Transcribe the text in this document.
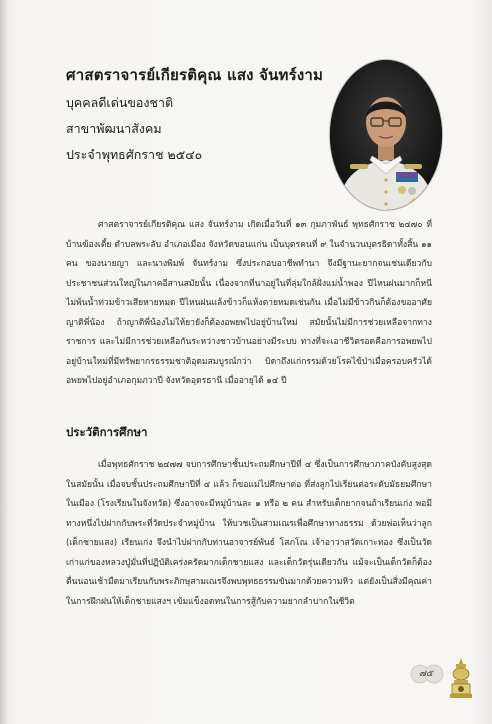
ศาสตราจารย์เกียรติคุณ แสง จันทร์งาม
บุคคลดีเด่นของชาติ
สาขาพัฒนาสังคม
ประจำพุทธศักราช ๒๕๔๐
ศาสตราจารย์เกียรติคุณ แสง จันทร์งาม เกิดเมื่อวันที่ ๑๓ กุมภาพันธ์ พุทธศักราช ๒๔๗๐ ที่บ้านฆ้องเตี้ย ตำบลพระลับ อำเภอเมือง จังหวัดขอนแก่น เป็นบุตรคนที่ ๙ ในจำนวนบุตรธิดาทั้งสิ้น ๑๑ คน ของนายญา และนางพิมพ์ จันทร์งาม ซึ่งประกอบอาชีพทำนา จึงมีฐานะยากจนเช่นเดียวกับประชาชนส่วนใหญ่ในภาคอีสานสมัยนั้น เนื่องจากที่นาอยู่ในที่ลุ่มใกล้ฝั่งแม่น้ำพอง ปีไหนฝนมากก็หนีไม่พ้นน้ำท่วมข้าวเสียหายหมด ปีไหนฝนแล้งข้าวก็แห้งตายหมดเช่นกัน เมื่อไม่มีข้าวกินก็ต้องขออาศัยญาติพี่น้อง ถ้าญาติพี่น้องไม่ให้ยายังก็ต้องอพยพไปอยู่บ้านใหม่ สมัยนั้นไม่มีการช่วยเหลือจากทางราชการ และไม่มีการช่วยเหลือกันระหว่างชาวบ้านอย่างมีระบบ ทางที่จะเอาชีวิตรอดคือการอพยพไปอยู่บ้านใหม่ที่มีทรัพยากรธรรมชาติอุดมสมบูรณ์กว่า บิดาถึงแก่กรรมด้วยโรคไข้ป่าเมื่อครอบครัวได้อพยพไปอยู่อำเภอกุมภวาปี จังหวัดอุดรธานี เมื่ออายุได้ ๑๔ ปี
ประวัติการศึกษา
เมื่อพุทธศักราช ๒๔๗๗ จบการศึกษาชั้นประถมศึกษาปีที่ ๔ ซึ่งเป็นการศึกษาภาคบังคับสูงสุดในสมัยนั้น เมื่อจบชั้นประถมศึกษาปีที่ ๔ แล้ว ก็ขอแม่ไปศึกษาต่อ ที่ส่งลูกไปเรียนต่อระดับมัธยมศึกษาในเมือง (โรงเรียนในจังหวัด) ซึ่งอาจจะมีหมู่บ้านละ ๑ หรือ ๒ คน สำหรับเด็กยากจนถ้าเรียนเก่ง พอมีทางหนึ่งไปฝากกับพระที่วัดประจำหมู่บ้าน ให้บวชเป็นสามเณรเพื่อศึกษาทางธรรม ด้วยพ่อเห็นว่าลูก (เด็กชายแสง) เรียนเก่ง จึงนำไปฝากกับท่านอาจารย์พันธ์ โสภโณ เจ้าอาวาสวัดเกาะทอง ซึ่งเป็นวัดเก่าแก่ของหลวงปู่มั่นที่ปฏิบัติเคร่งครัดมากเด็กชายแสง และเด็กวัดรุ่นเดียวกัน แม้จะเป็นเด็กวัดก็ต้องตื่นนอนเช้ามืดมาเรียนกับพระภิกษุสามเณรจึงพบพุทธธรรมขันมากด้วยความหิว แต่ยังเป็นสิ่งมีคุณค่าในการฝึกฝนให้เด็กชายแสงฯ เข้มแข็งอดทนในการสู้กับความยากลำบากในชีวิต
๗๕
